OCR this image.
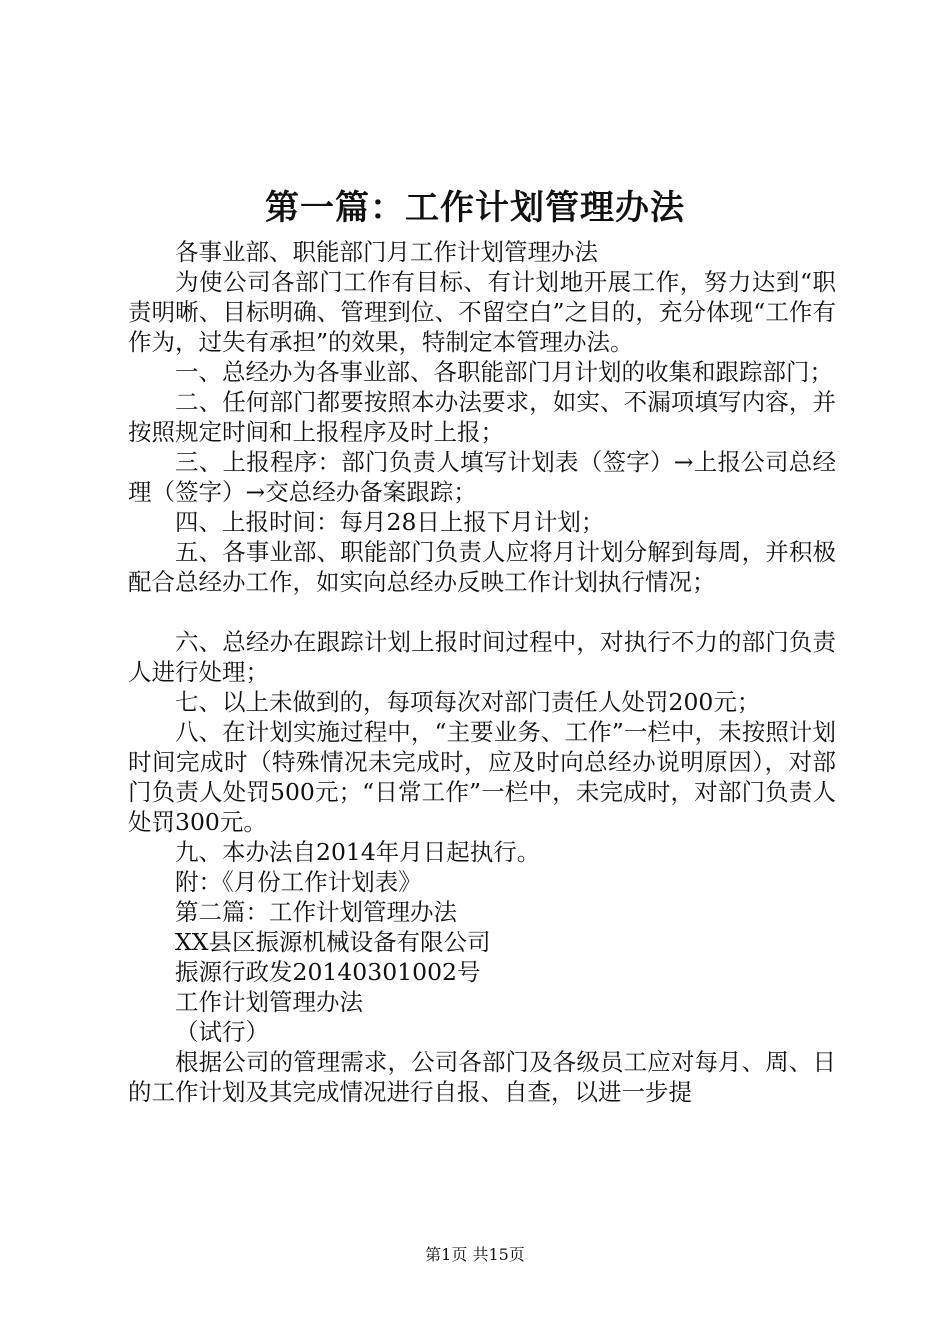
第一篇：工作计划管理办法

各事业部、职能部门月工作计划管理办法

为使公司各部门工作有目标、有计划地开展工作，努力达到“职责明晰、目标明确、管理到位、不留空白”之目的，充分体现“工作有作为，过失有承担”的效果，特制定本管理办法。

一、总经办为各事业部、各职能部门月计划的收集和跟踪部门；

二、任何部门都要按照本办法要求，如实、不漏项填写内容，并按照规定时间和上报程序及时上报；

三、上报程序：部门负责人填写计划表（签字）→上报公司总经理（签字）→交总经办备案跟踪；

四、上报时间：每月28日上报下月计划；

五、各事业部、职能部门负责人应将月计划分解到每周，并积极配合总经办工作，如实向总经办反映工作计划执行情况；

六、总经办在跟踪计划上报时间过程中，对执行不力的部门负责人进行处理；

七、以上未做到的，每项每次对部门责任人处罚200元；

八、在计划实施过程中，“主要业务、工作”一栏中，未按照计划时间完成时（特殊情况未完成时，应及时向总经办说明原因），对部门负责人处罚500元；“日常工作”一栏中，未完成时，对部门负责人处罚300元。

九、本办法自2014年月日起执行。

附：《月份工作计划表》

第二篇：工作计划管理办法

XX县区振源机械设备有限公司

振源行政发20140301002号

工作计划管理办法

（试行）

根据公司的管理需求，公司各部门及各级员工应对每月、周、日的工作计划及其完成情况进行自报、自查，以进一步提

第1页 共15页
